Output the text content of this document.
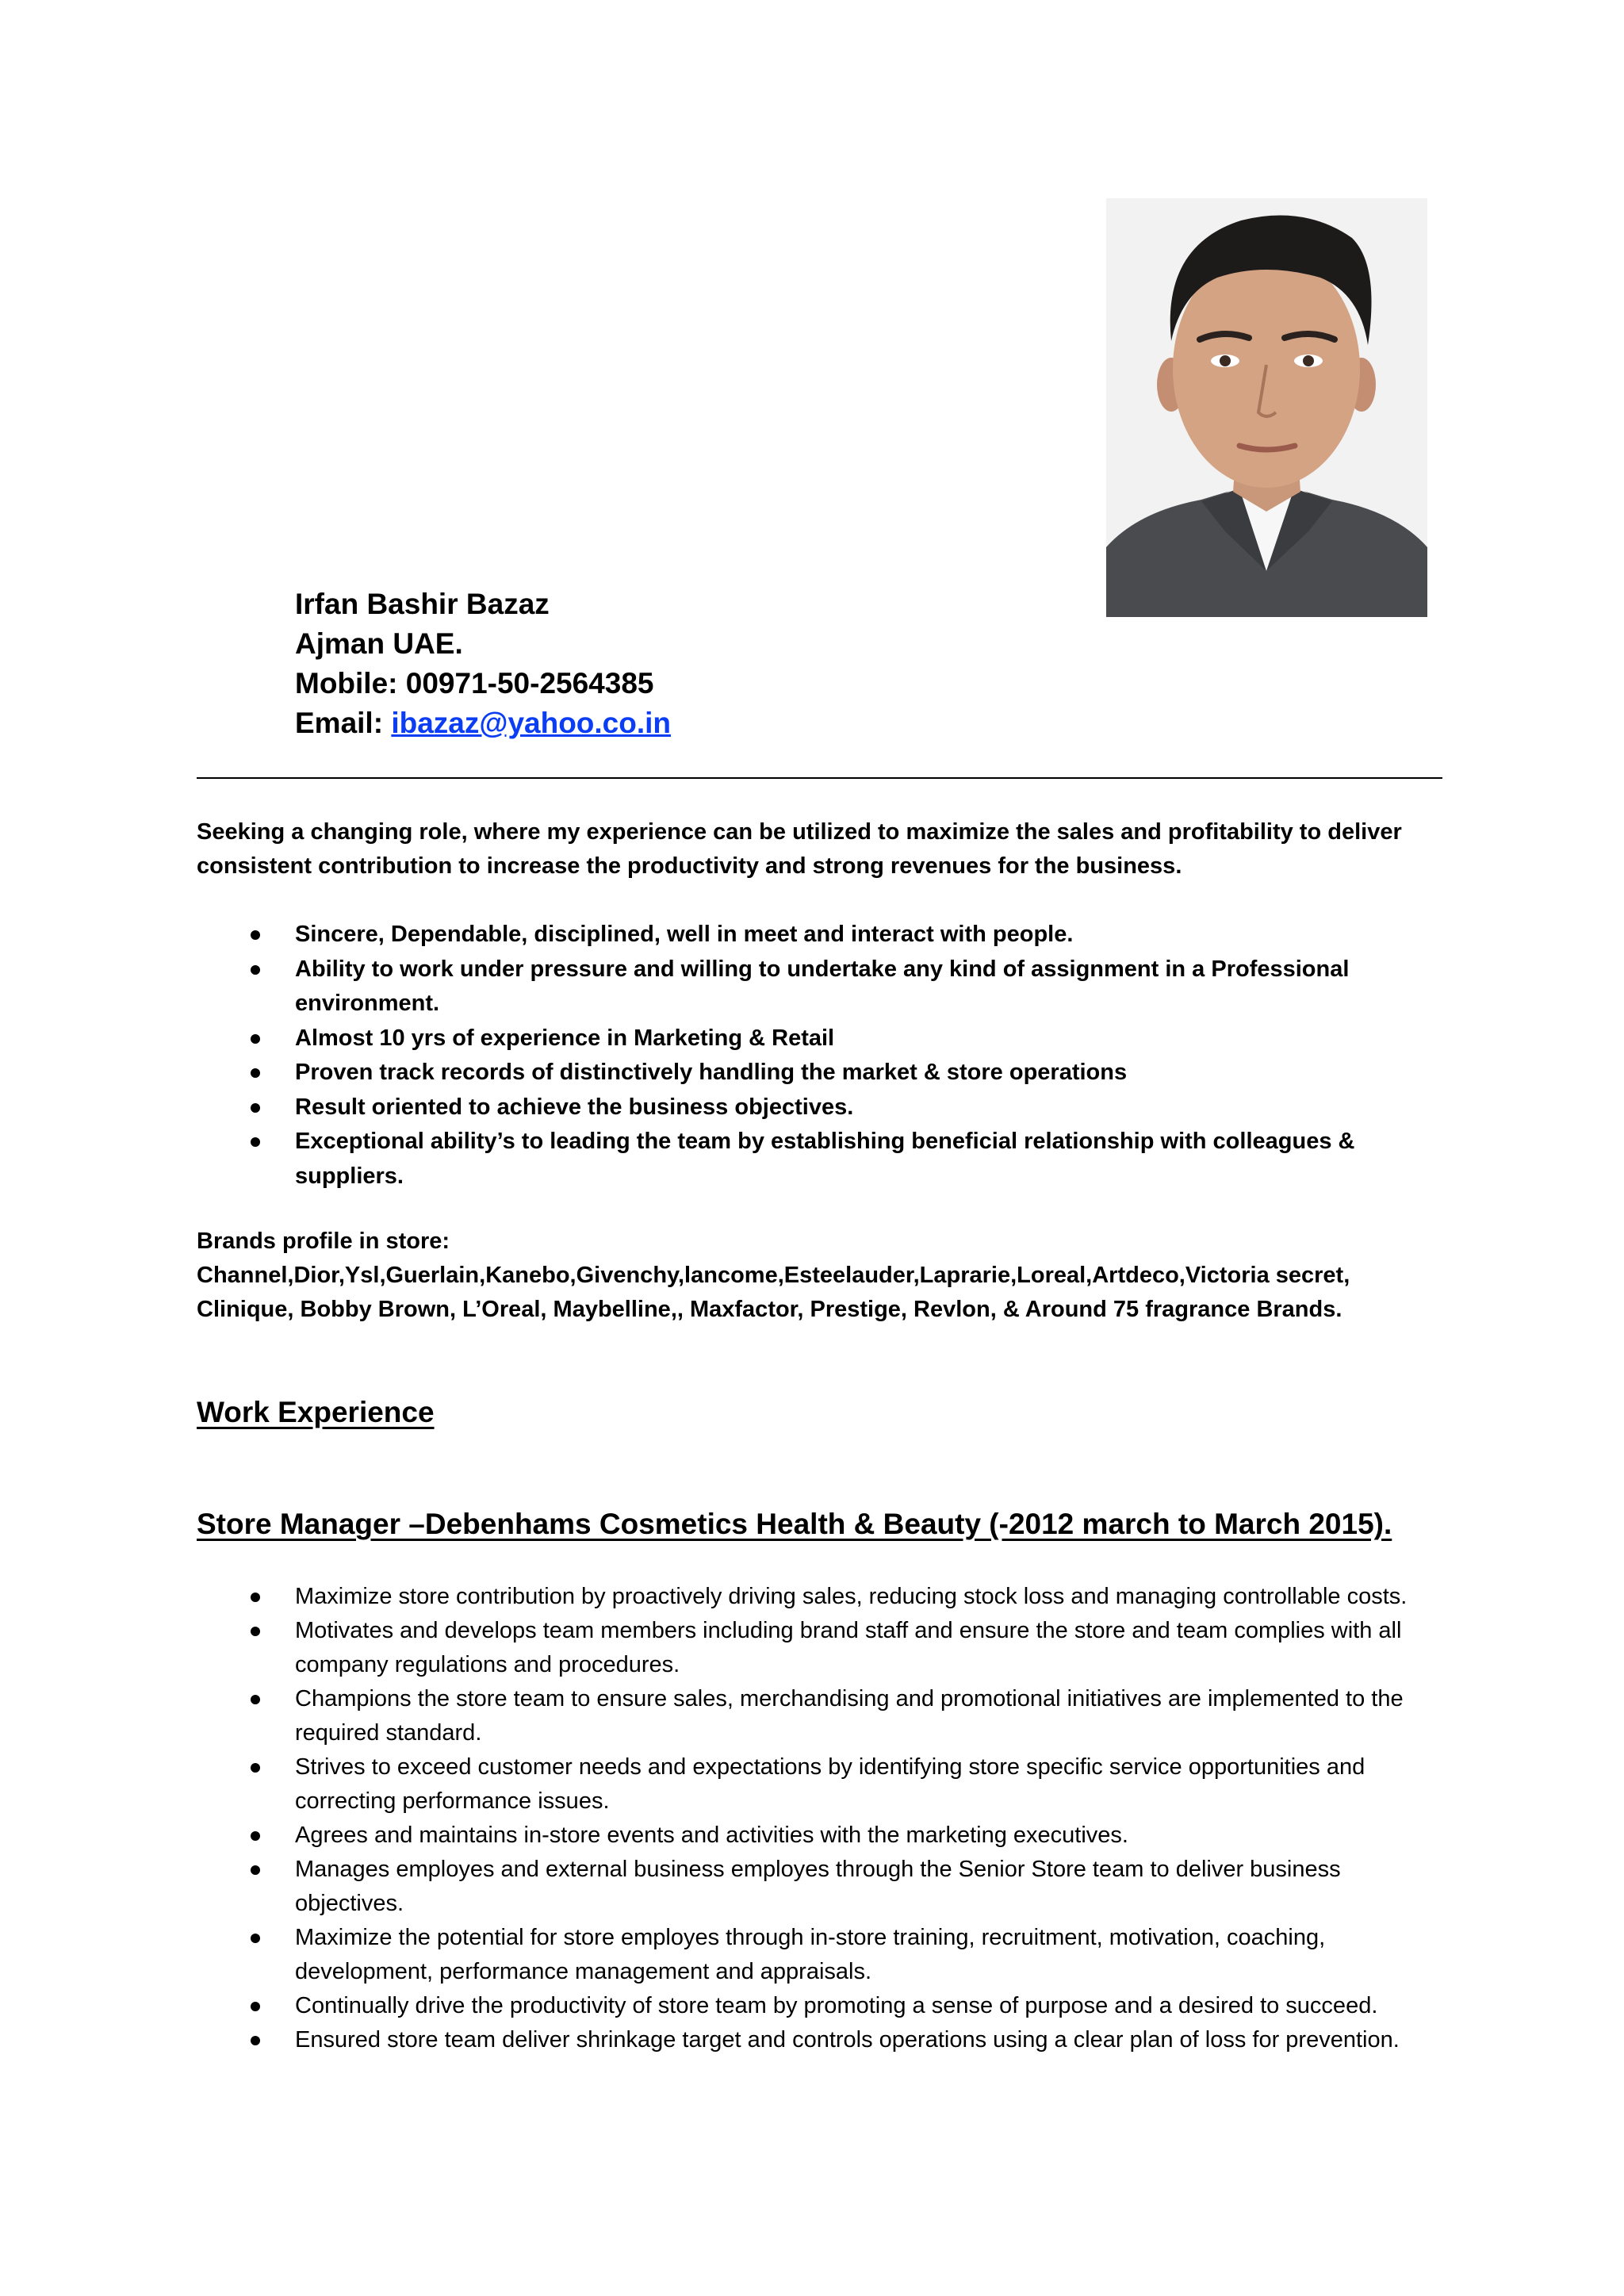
Irfan Bashir Bazaz
Ajman UAE.
Mobile: 00971-50-2564385
Email: ibazaz@yahoo.co.in
Seeking a changing role, where my experience can be utilized to maximize the sales and profitability to deliver consistent contribution to increase the productivity and strong revenues for the business.
Sincere, Dependable, disciplined, well in meet and interact with people.
Ability to work under pressure and willing to undertake any kind of assignment in a Professional environment.
Almost 10 yrs of experience in Marketing & Retail
Proven track records of distinctively handling the market & store operations
Result oriented to achieve the business objectives.
Exceptional ability’s to leading the team by establishing beneficial relationship with colleagues & suppliers.
Brands profile in store:
Channel,Dior,Ysl,Guerlain,Kanebo,Givenchy,lancome,Esteelauder,Laprarie,Loreal,Artdeco,Victoria secret,
Clinique, Bobby Brown, L’Oreal, Maybelline,, Maxfactor, Prestige, Revlon, & Around 75 fragrance Brands.
Work Experience
Store Manager –Debenhams Cosmetics Health & Beauty (-2012 march to March 2015).
Maximize store contribution by proactively driving sales, reducing stock loss and managing controllable costs.
Motivates and develops team members including brand staff and ensure the store and team complies with all company regulations and procedures.
Champions the store team to ensure sales, merchandising and promotional initiatives are implemented to the required standard.
Strives to exceed customer needs and expectations by identifying store specific service opportunities and correcting performance issues.
Agrees and maintains in-store events and activities with the marketing executives.
Manages employes and external business employes through the Senior Store team to deliver business objectives.
Maximize the potential for store employes through in-store training, recruitment, motivation, coaching, development, performance management and appraisals.
Continually drive the productivity of store team by promoting a sense of purpose and a desired to succeed.
Ensured store team deliver shrinkage target and controls operations using a clear plan of loss for prevention.
